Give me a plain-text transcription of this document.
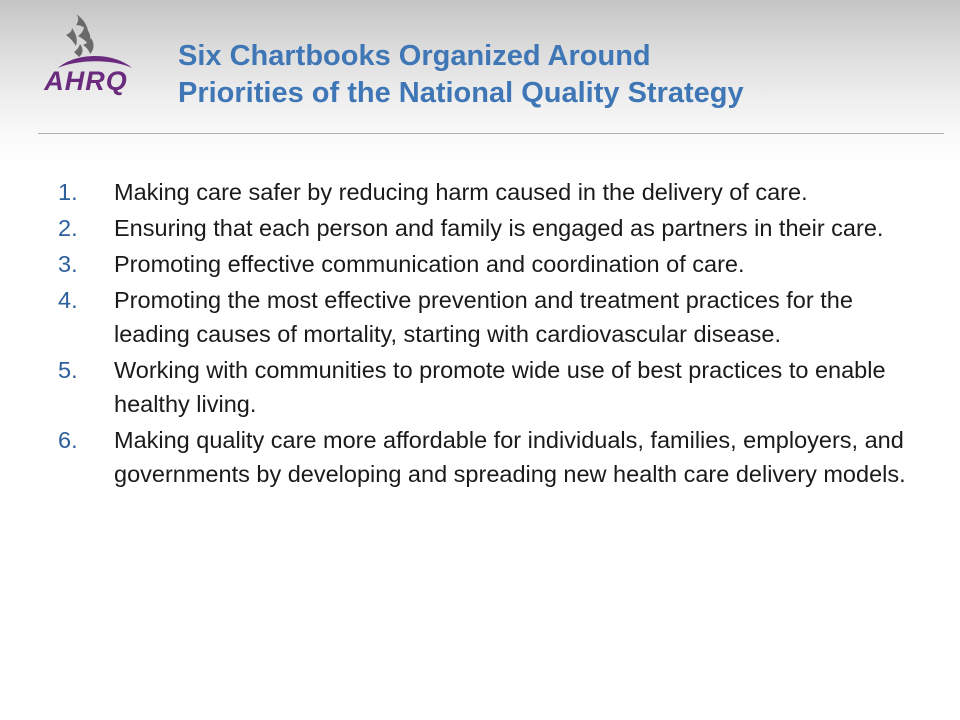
AHRQ
Six Chartbooks Organized Around
Priorities of the National Quality Strategy
1.	Making care safer by reducing harm caused in the delivery of care.
2.	Ensuring that each person and family is engaged as partners in their care.
3.	Promoting effective communication and coordination of care.
4.	Promoting the most effective prevention and treatment practices for the leading causes of mortality, starting with cardiovascular disease.
5.	Working with communities to promote wide use of best practices to enable healthy living.
6.	Making quality care more affordable for individuals, families, employers, and governments by developing and spreading new health care delivery models.
